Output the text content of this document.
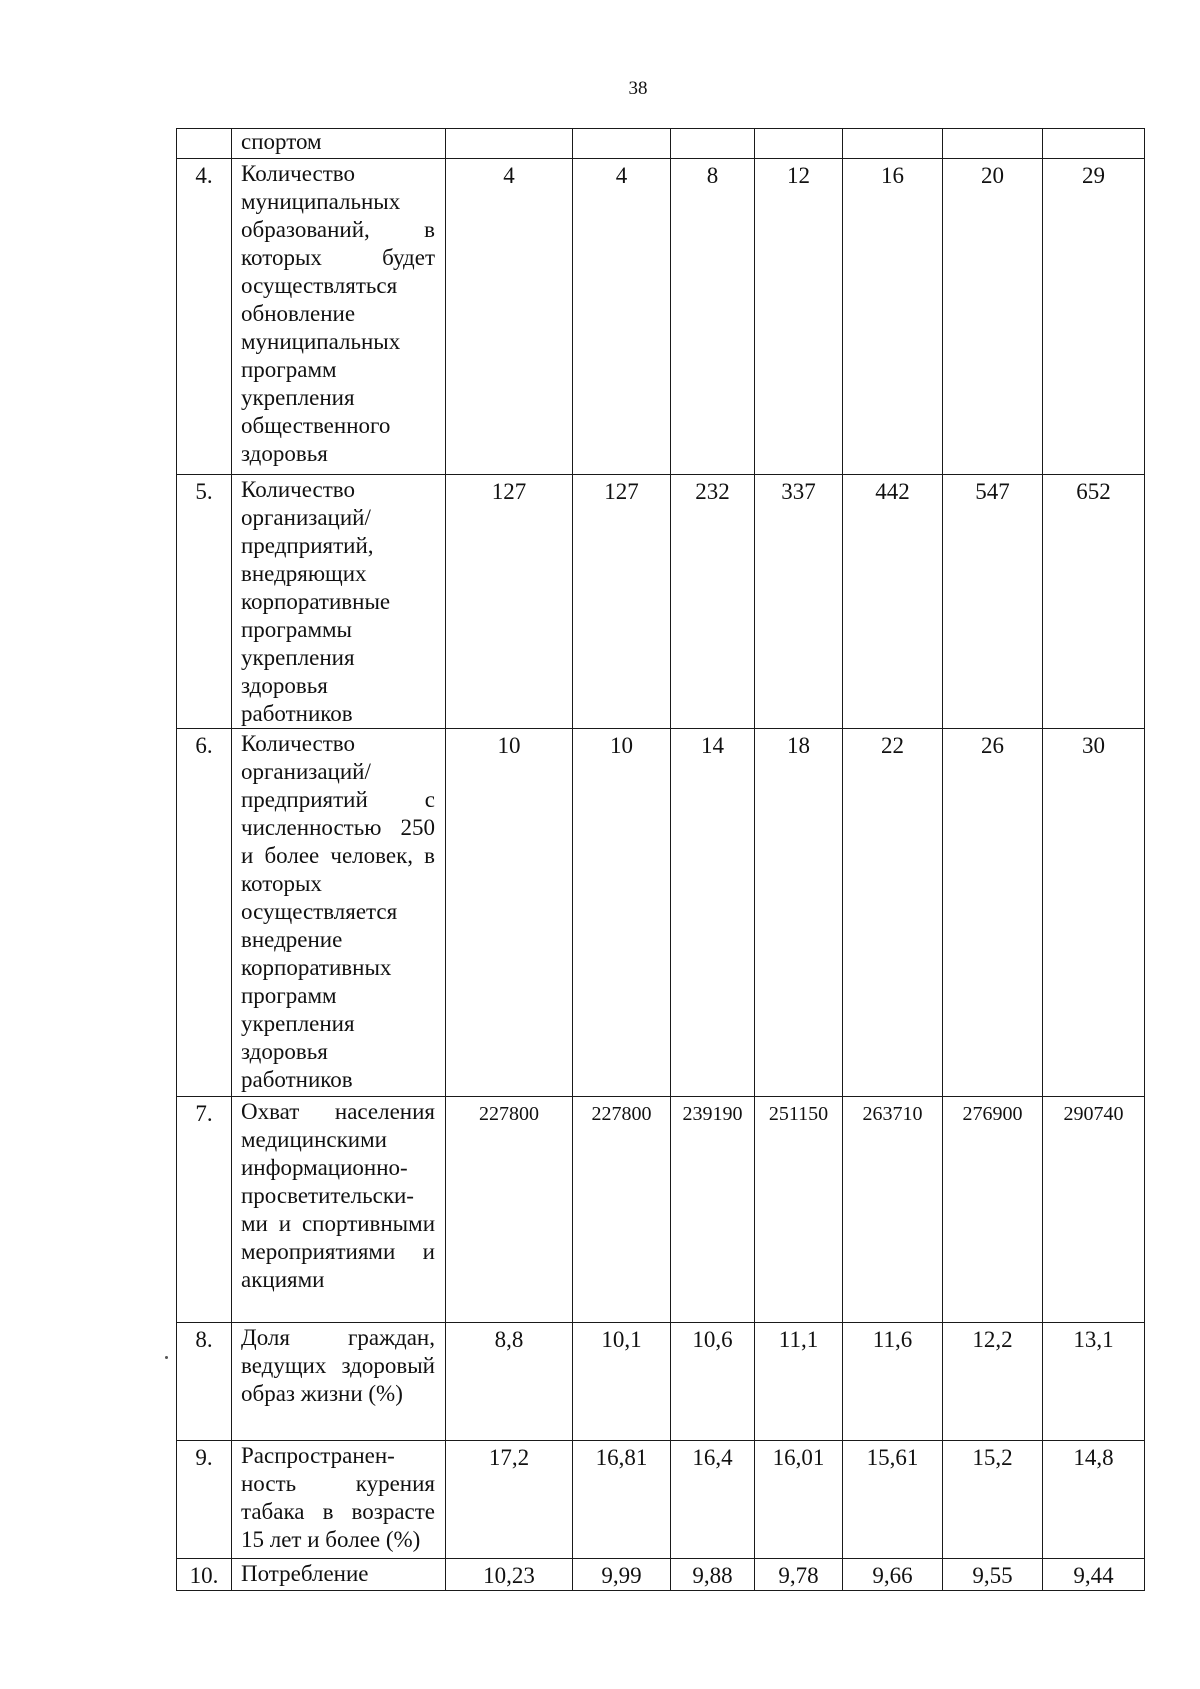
38
	спортом							
4.	Количество муниципальных образований, в которых будет осуществляться обновление муниципальных программ укрепления общественного здоровья	4	4	8	12	16	20	29
5.	Количество организаций/ предприятий, внедряющих корпоративные программы укрепления здоровья работников	127	127	232	337	442	547	652
6.	Количество организаций/ предприятий с численностью 250 и более человек, в которых осуществляется внедрение корпоративных программ укрепления здоровья работников	10	10	14	18	22	26	30
7.	Охват населения медицинскими информационно-просветительски-ми и спортивными мероприятиями и акциями	227800	227800	239190	251150	263710	276900	290740
8.	Доля граждан, ведущих здоровый образ жизни (%)	8,8	10,1	10,6	11,1	11,6	12,2	13,1
9.	Распространен-ность курения табака в возрасте 15 лет и более (%)	17,2	16,81	16,4	16,01	15,61	15,2	14,8
10.	Потребление	10,23	9,99	9,88	9,78	9,66	9,55	9,44
